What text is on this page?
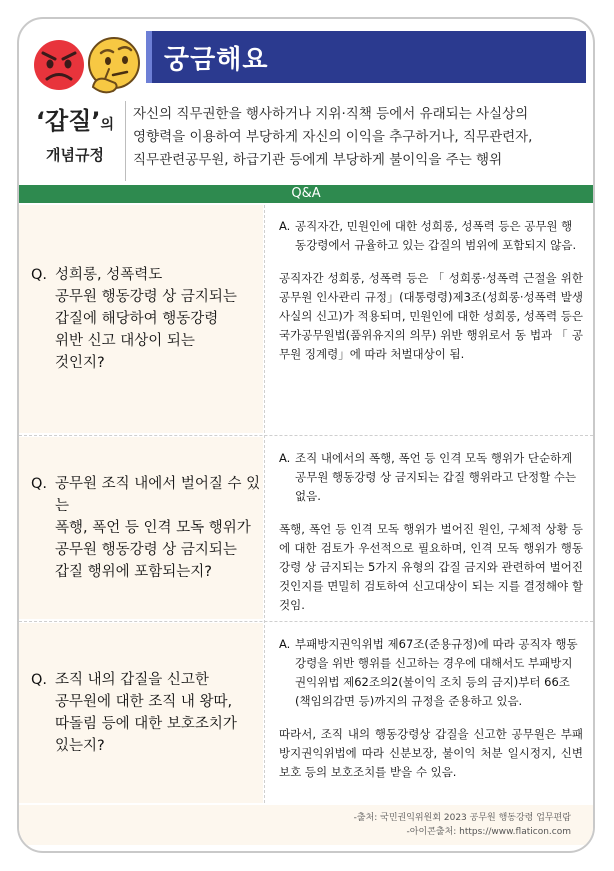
궁금해요
‘갑질’의
개념규정
자신의 직무권한을 행사하거나 지위·직책 등에서 유래되는 사실상의
영향력을 이용하여 부당하게 자신의 이익을 추구하거나, 직무관련자,
직무관련공무원, 하급기관 등에게 부당하게 불이익을 주는 행위
Q&A
Q. 성희롱, 성폭력도
공무원 행동강령 상 금지되는
갑질에 해당하여 행동강령
위반 신고 대상이 되는
것인지?
A. 공직자간, 민원인에 대한 성희롱, 성폭력 등은 공무원 행동강령에서 규율하고 있는 갑질의 범위에 포함되지 않음.
공직자간 성희롱, 성폭력 등은 「 성희롱·성폭력 근절을 위한 공무원 인사관리 규정」(대통령령)제3조(성희롱·성폭력 발생 사실의 신고)가 적용되며, 민원인에 대한 성희롱, 성폭력 등은 국가공무원법(품위유지의 의무) 위반 행위로서 동 법과 「 공무원 징계령」에 따라 처벌대상이 됨.
Q. 공무원 조직 내에서 벌어질 수 있는
폭행, 폭언 등 인격 모독 행위가
공무원 행동강령 상 금지되는
갑질 행위에 포함되는지?
A. 조직 내에서의 폭행, 폭언 등 인격 모독 행위가 단순하게 공무원 행동강령 상 금지되는 갑질 행위라고 단정할 수는 없음.
폭행, 폭언 등 인격 모독 행위가 벌어진 원인, 구체적 상황 등에 대한 검토가 우선적으로 필요하며, 인격 모독 행위가 행동강령 상 금지되는 5가지 유형의 갑질 금지와 관련하여 벌어진 것인지를 면밀히 검토하여 신고대상이 되는 지를 결정해야 할 것임.
Q. 조직 내의 갑질을 신고한
공무원에 대한 조직 내 왕따,
따돌림 등에 대한 보호조치가
있는지?
A. 부패방지권익위법 제67조(준용규정)에 따라 공직자 행동강령을 위반 행위를 신고하는 경우에 대해서도 부패방지권익위법 제62조의2(불이익 조치 등의 금지)부터 66조(책임의감면 등)까지의 규정을 준용하고 있음.
따라서, 조직 내의 행동강령상 갑질을 신고한 공무원은 부패방지권익위법에 따라 신분보장, 불이익 처분 일시정지, 신변보호 등의 보호조치를 받을 수 있음.
-출처: 국민권익위원회 2023 공무원 행동강령 업무편람
-아이콘출처: https://www.flaticon.com
